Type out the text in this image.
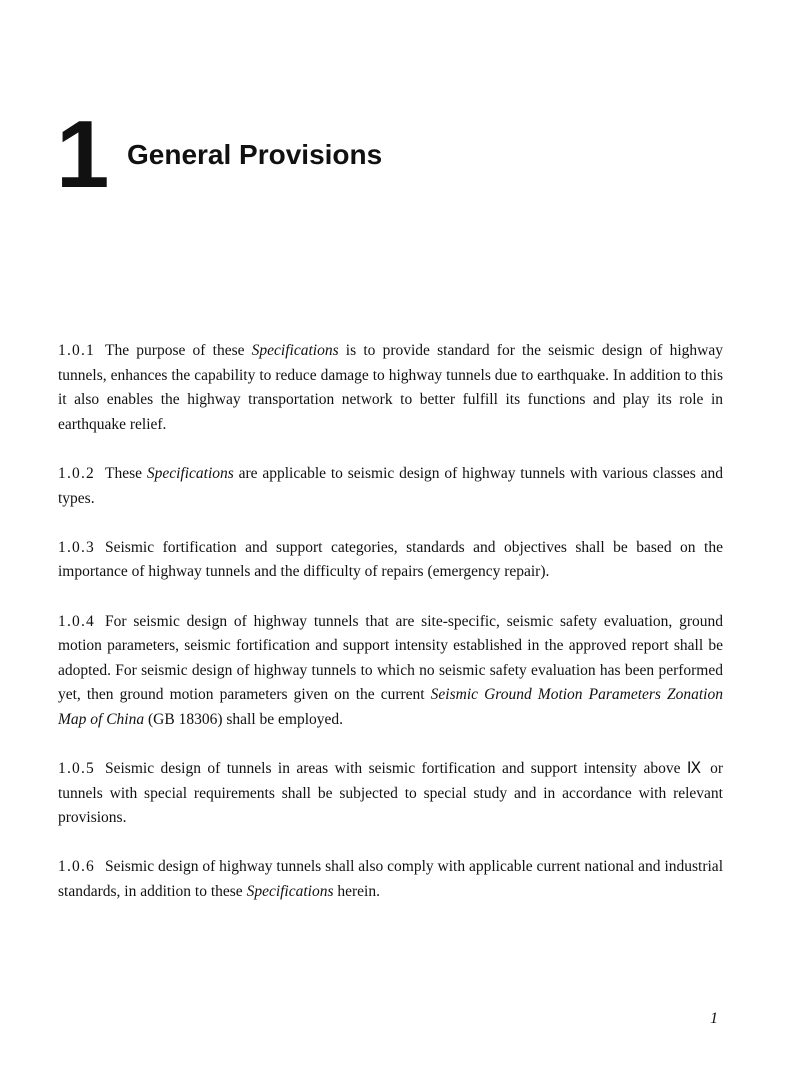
1 General Provisions

1.0.1 The purpose of these Specifications is to provide standard for the seismic design of highway tunnels, enhances the capability to reduce damage to highway tunnels due to earthquake. In addition to this it also enables the highway transportation network to better fulfill its functions and play its role in earthquake relief.

1.0.2 These Specifications are applicable to seismic design of highway tunnels with various classes and types.

1.0.3 Seismic fortification and support categories, standards and objectives shall be based on the importance of highway tunnels and the difficulty of repairs (emergency repair).

1.0.4 For seismic design of highway tunnels that are site-specific, seismic safety evaluation, ground motion parameters, seismic fortification and support intensity established in the approved report shall be adopted. For seismic design of highway tunnels to which no seismic safety evaluation has been performed yet, then ground motion parameters given on the current Seismic Ground Motion Parameters Zonation Map of China (GB 18306) shall be employed.

1.0.5 Seismic design of tunnels in areas with seismic fortification and support intensity above Ⅸ or tunnels with special requirements shall be subjected to special study and in accordance with relevant provisions.

1.0.6 Seismic design of highway tunnels shall also comply with applicable current national and industrial standards, in addition to these Specifications herein.

1
